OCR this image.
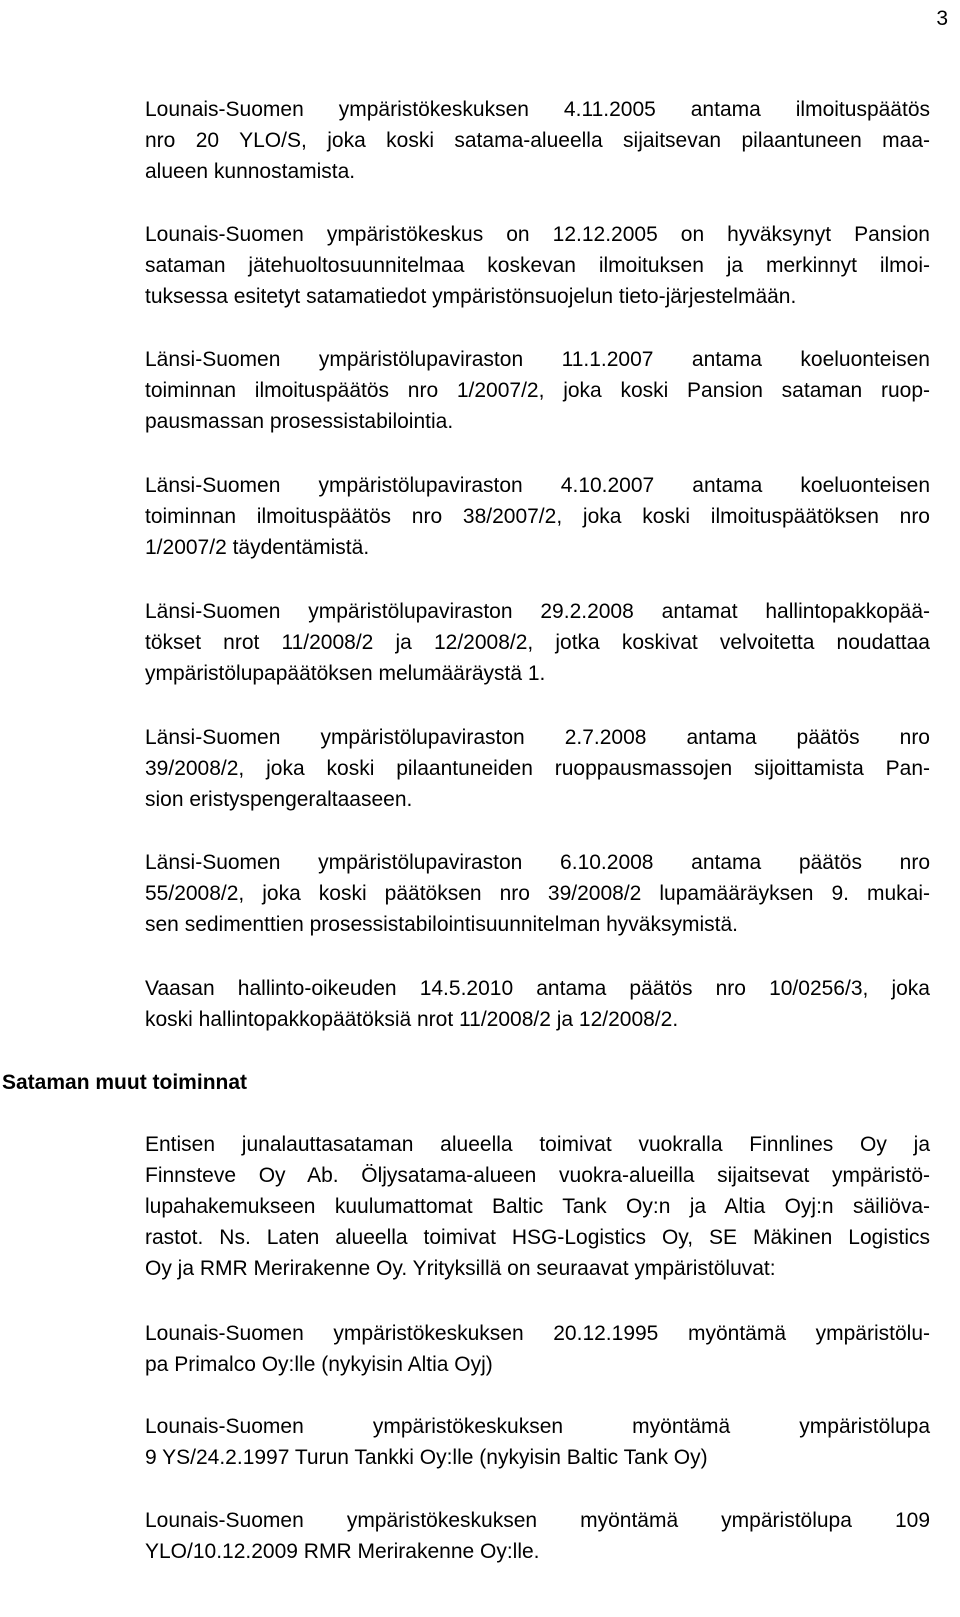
3
Sataman muut toiminnat
Lounais-Suomen ympäristökeskuksen 4.11.2005 antama ilmoituspäätös
nro 20 YLO/S, joka koski satama-alueella sijaitsevan pilaantuneen maa-
alueen kunnostamista.
Lounais-Suomen ympäristökeskus on 12.12.2005 on hyväksynyt Pansion
sataman jätehuoltosuunnitelmaa koskevan ilmoituksen ja merkinnyt ilmoi-
tuksessa esitetyt satamatiedot ympäristönsuojelun tieto-järjestelmään.
Länsi-Suomen ympäristölupaviraston 11.1.2007 antama koeluonteisen
toiminnan ilmoituspäätös nro 1/2007/2, joka koski Pansion sataman ruop-
pausmassan prosessistabilointia.
Länsi-Suomen ympäristölupaviraston 4.10.2007 antama koeluonteisen
toiminnan ilmoituspäätös nro 38/2007/2, joka koski ilmoituspäätöksen nro
1/2007/2 täydentämistä.
Länsi-Suomen ympäristölupaviraston 29.2.2008 antamat hallintopakkopää-
tökset nrot 11/2008/2 ja 12/2008/2, jotka koskivat velvoitetta noudattaa
ympäristölupapäätöksen melumääräystä 1.
Länsi-Suomen ympäristölupaviraston 2.7.2008 antama päätös nro
39/2008/2, joka koski pilaantuneiden ruoppausmassojen sijoittamista Pan-
sion eristyspengeraltaaseen.
Länsi-Suomen ympäristölupaviraston 6.10.2008 antama päätös nro
55/2008/2, joka koski päätöksen nro 39/2008/2 lupamääräyksen 9. mukai-
sen sedimenttien prosessistabilointisuunnitelman hyväksymistä.
Vaasan hallinto-oikeuden 14.5.2010 antama päätös nro 10/0256/3, joka
koski hallintopakkopäätöksiä nrot 11/2008/2 ja 12/2008/2.
Entisen junalauttasataman alueella toimivat vuokralla Finnlines Oy ja
Finnsteve Oy Ab. Öljysatama-alueen vuokra-alueilla sijaitsevat ympäristö-
lupahakemukseen kuulumattomat Baltic Tank Oy:n ja Altia Oyj:n säiliöva-
rastot. Ns. Laten alueella toimivat HSG-Logistics Oy, SE Mäkinen Logistics
Oy ja RMR Merirakenne Oy. Yrityksillä on seuraavat ympäristöluvat:
Lounais-Suomen ympäristökeskuksen 20.12.1995 myöntämä ympäristölu-
pa Primalco Oy:lle (nykyisin Altia Oyj)
Lounais-Suomen ympäristökeskuksen myöntämä ympäristölupa
9 YS/24.2.1997 Turun Tankki Oy:lle (nykyisin Baltic Tank Oy)
Lounais-Suomen ympäristökeskuksen myöntämä ympäristölupa 109
YLO/10.12.2009 RMR Merirakenne Oy:lle.
